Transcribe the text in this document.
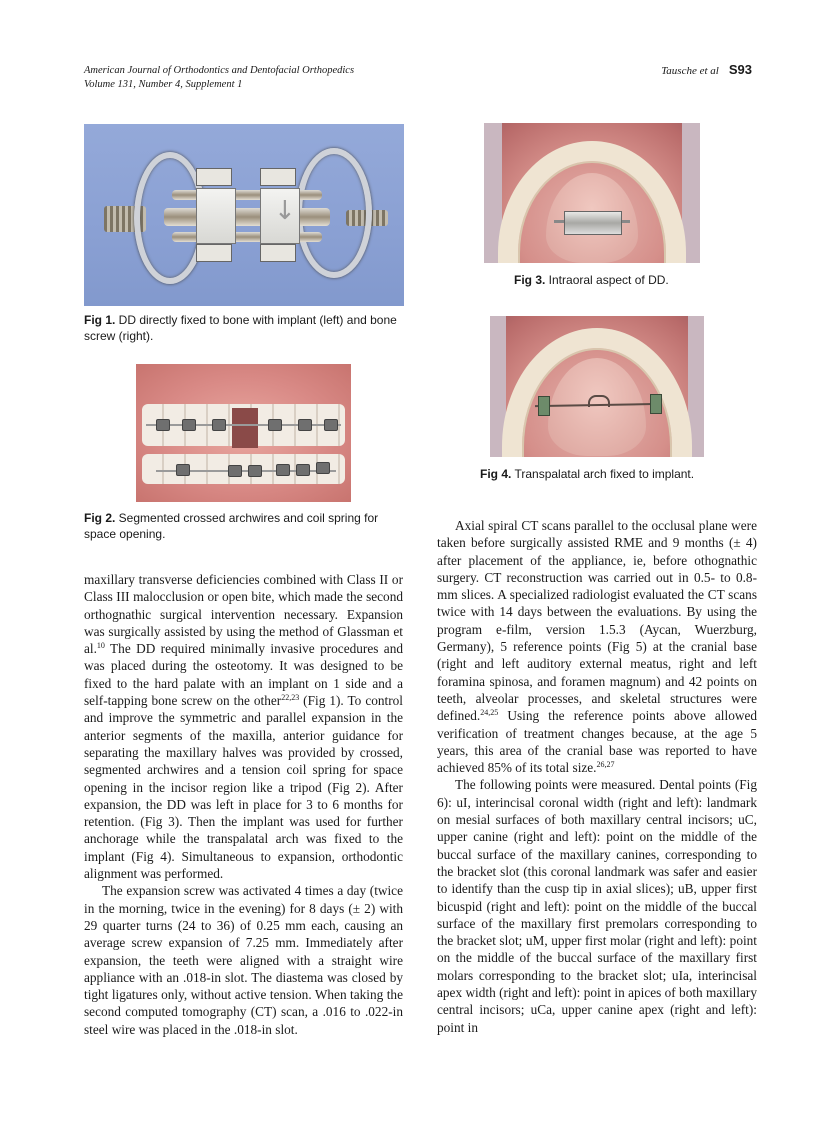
American Journal of Orthodontics and Dentofacial Orthopedics
Volume 131, Number 4, Supplement 1
Tausche et al S93
↓
Fig 1. DD directly fixed to bone with implant (left) and bone screw (right).
Fig 2. Segmented crossed archwires and coil spring for space opening.
Fig 3. Intraoral aspect of DD.
Fig 4. Transpalatal arch fixed to implant.

maxillary transverse deficiencies combined with Class II or Class III malocclusion or open bite, which made the second orthognathic surgical intervention necessary. Expansion was surgically assisted by using the method of Glassman et al.$^{10}$ The DD required minimally invasive procedures and was placed during the osteotomy. It was designed to be fixed to the hard palate with an implant on 1 side and a self-tapping bone screw on the other$^{22,23}$ (Fig 1). To control and improve the symmetric and parallel expansion in the anterior segments of the maxilla, anterior guidance for separating the maxillary halves was provided by crossed, segmented archwires and a tension coil spring for space opening in the incisor region like a tripod (Fig 2). After expansion, the DD was left in place for 3 to 6 months for retention. (Fig 3). Then the implant was used for further anchorage while the transpalatal arch was fixed to the implant (Fig 4). Simultaneous to expansion, orthodontic alignment was performed.

The expansion screw was activated 4 times a day (twice in the morning, twice in the evening) for 8 days (± 2) with 29 quarter turns (24 to 36) of 0.25 mm each, causing an average screw expansion of 7.25 mm. Immediately after expansion, the teeth were aligned with a straight wire appliance with an .018-in slot. The diastema was closed by tight ligatures only, without active tension. When taking the second computed tomography (CT) scan, a .016 to .022-in steel wire was placed in the .018-in slot.

Axial spiral CT scans parallel to the occlusal plane were taken before surgically assisted RME and 9 months (± 4) after placement of the appliance, ie, before othognathic surgery. CT reconstruction was carried out in 0.5- to 0.8-mm slices. A specialized radiologist evaluated the CT scans twice with 14 days between the evaluations. By using the program e-film, version 1.5.3 (Aycan, Wuerzburg, Germany), 5 reference points (Fig 5) at the cranial base (right and left auditory external meatus, right and left foramina spinosa, and foramen magnum) and 42 points on teeth, alveolar processes, and skeletal structures were defined.$^{24,25}$ Using the reference points above allowed verification of treatment changes because, at the age 5 years, this area of the cranial base was reported to have achieved 85% of its total size.$^{26,27}$

The following points were measured. Dental points (Fig 6): uI, interincisal coronal width (right and left): landmark on mesial surfaces of both maxillary central incisors; uC, upper canine (right and left): point on the middle of the buccal surface of the maxillary canines, corresponding to the bracket slot (this coronal landmark was safer and easier to identify than the cusp tip in axial slices); uB, upper first bicuspid (right and left): point on the middle of the buccal surface of the maxillary first premolars corresponding to the bracket slot; uM, upper first molar (right and left): point on the middle of the buccal surface of the maxillary first molars corresponding to the bracket slot; uIa, interincisal apex width (right and left): point in apices of both maxillary central incisors; uCa, upper canine apex (right and left): point in
